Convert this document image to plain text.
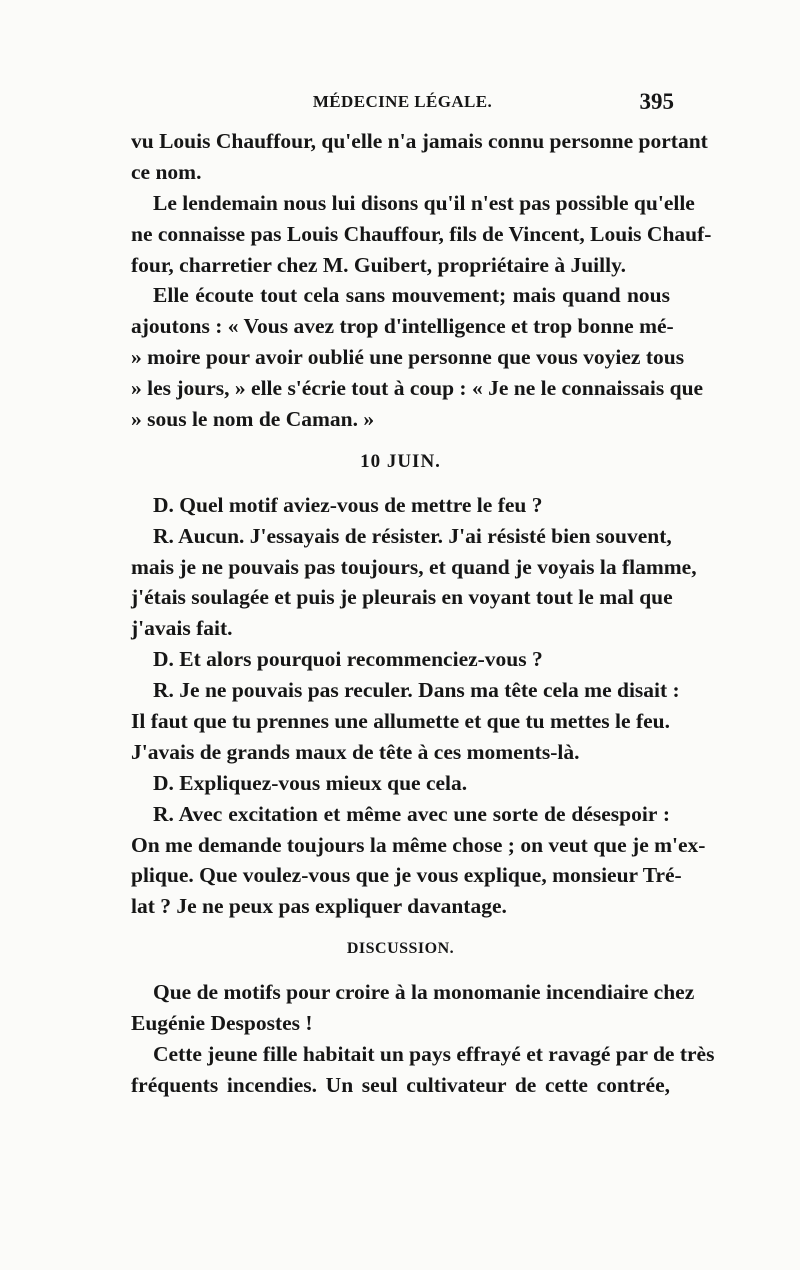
MÉDECINE LÉGALE.	395
vu Louis Chauffour, qu'elle n'a jamais connu personne portant
ce nom.
Le lendemain nous lui disons qu'il n'est pas possible qu'elle
ne connaisse pas Louis Chauffour, fils de Vincent, Louis Chauf-
four, charretier chez M. Guibert, propriétaire à Juilly.
Elle écoute tout cela sans mouvement; mais quand nous
ajoutons : « Vous avez trop d'intelligence et trop bonne mé-
» moire pour avoir oublié une personne que vous voyiez tous
» les jours, » elle s'écrie tout à coup : « Je ne le connaissais que
» sous le nom de Caman. »
10 JUIN.
D. Quel motif aviez-vous de mettre le feu ?
R. Aucun. J'essayais de résister. J'ai résisté bien souvent,
mais je ne pouvais pas toujours, et quand je voyais la flamme,
j'étais soulagée et puis je pleurais en voyant tout le mal que
j'avais fait.
D. Et alors pourquoi recommenciez-vous ?
R. Je ne pouvais pas reculer. Dans ma tête cela me disait :
Il faut que tu prennes une allumette et que tu mettes le feu.
J'avais de grands maux de tête à ces moments-là.
D. Expliquez-vous mieux que cela.
R. Avec excitation et même avec une sorte de désespoir :
On me demande toujours la même chose ; on veut que je m'ex-
plique. Que voulez-vous que je vous explique, monsieur Tré-
lat ? Je ne peux pas expliquer davantage.
DISCUSSION.
Que de motifs pour croire à la monomanie incendiaire chez
Eugénie Despostes !
Cette jeune fille habitait un pays effrayé et ravagé par de très
fréquents incendies. Un seul cultivateur de cette contrée,
